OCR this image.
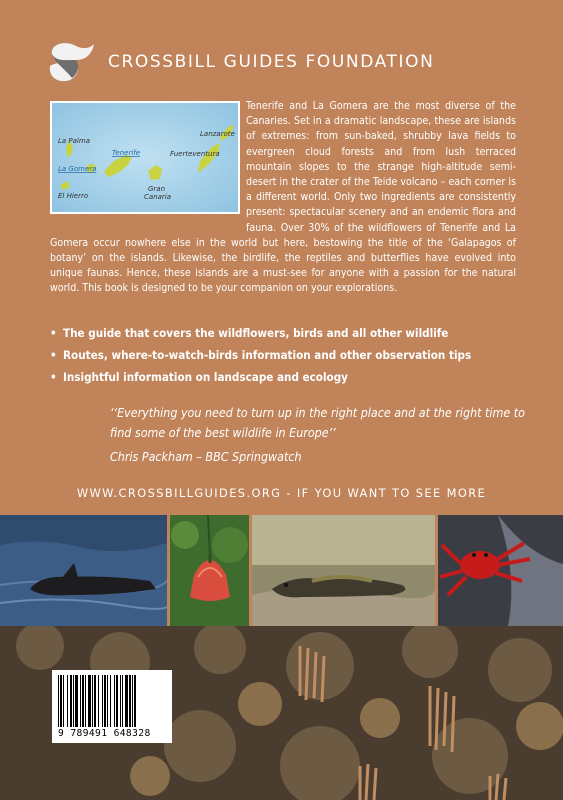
CROSSBILL GUIDES FOUNDATION
La Palma
La Gomera
El Hierro
Tenerife	Fuerteventura
Lanzarote
Gran Canaria

Tenerife and La Gomera are the most diverse of the Canaries. Set in a dramatic landscape, these are islands of extremes: from sun-baked, shrubby lava fields to evergreen cloud forests and from lush terraced mountain slopes to the strange high-altitude semi-desert in the crater of the Teide volcano – each corner is a different world. Only two ingredients are consistently present: spectacular scenery and an endemic flora and fauna. Over 30% of the wildflowers of Tenerife and La Gomera occur nowhere else in the world but here, bestowing the title of the ‘Galapagos of botany’ on the islands. Likewise, the birdlife, the reptiles and butterflies have evolved into unique faunas. Hence, these islands are a must-see for anyone with a passion for the natural world. This book is designed to be your companion on your explorations.

• The guide that covers the wildflowers, birds and all other wildlife
• Routes, where-to-watch-birds information and other observation tips
• Insightful information on landscape and ecology
‘‘Everything you need to turn up in the right place and at the right time to find some of the best wildlife in Europe’’
Chris Packham – BBC Springwatch
WWW.CROSSBILLGUIDES.ORG - IF YOU WANT TO SEE MORE
9 789491 648328
